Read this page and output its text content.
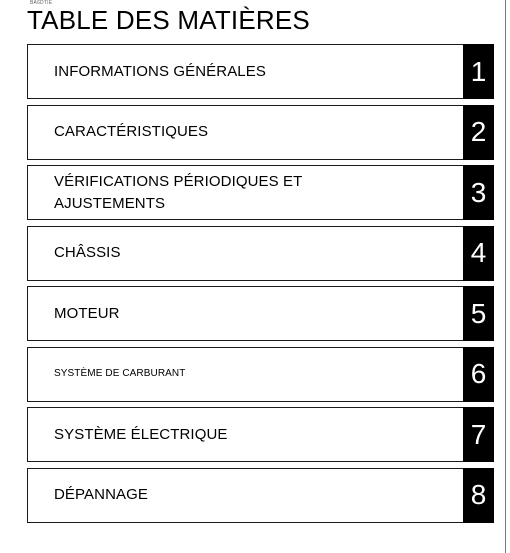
BA6DTIE
TABLE DES MATIÈRES
INFORMATIONS GÉNÉRALES	1
CARACTÉRISTIQUES	2
VÉRIFICATIONS PÉRIODIQUES ET
AJUSTEMENTS	3
CHÂSSIS	4
MOTEUR	5
SYSTÈME DE CARBURANT	6
SYSTÈME ÉLECTRIQUE	7
DÉPANNAGE	8
